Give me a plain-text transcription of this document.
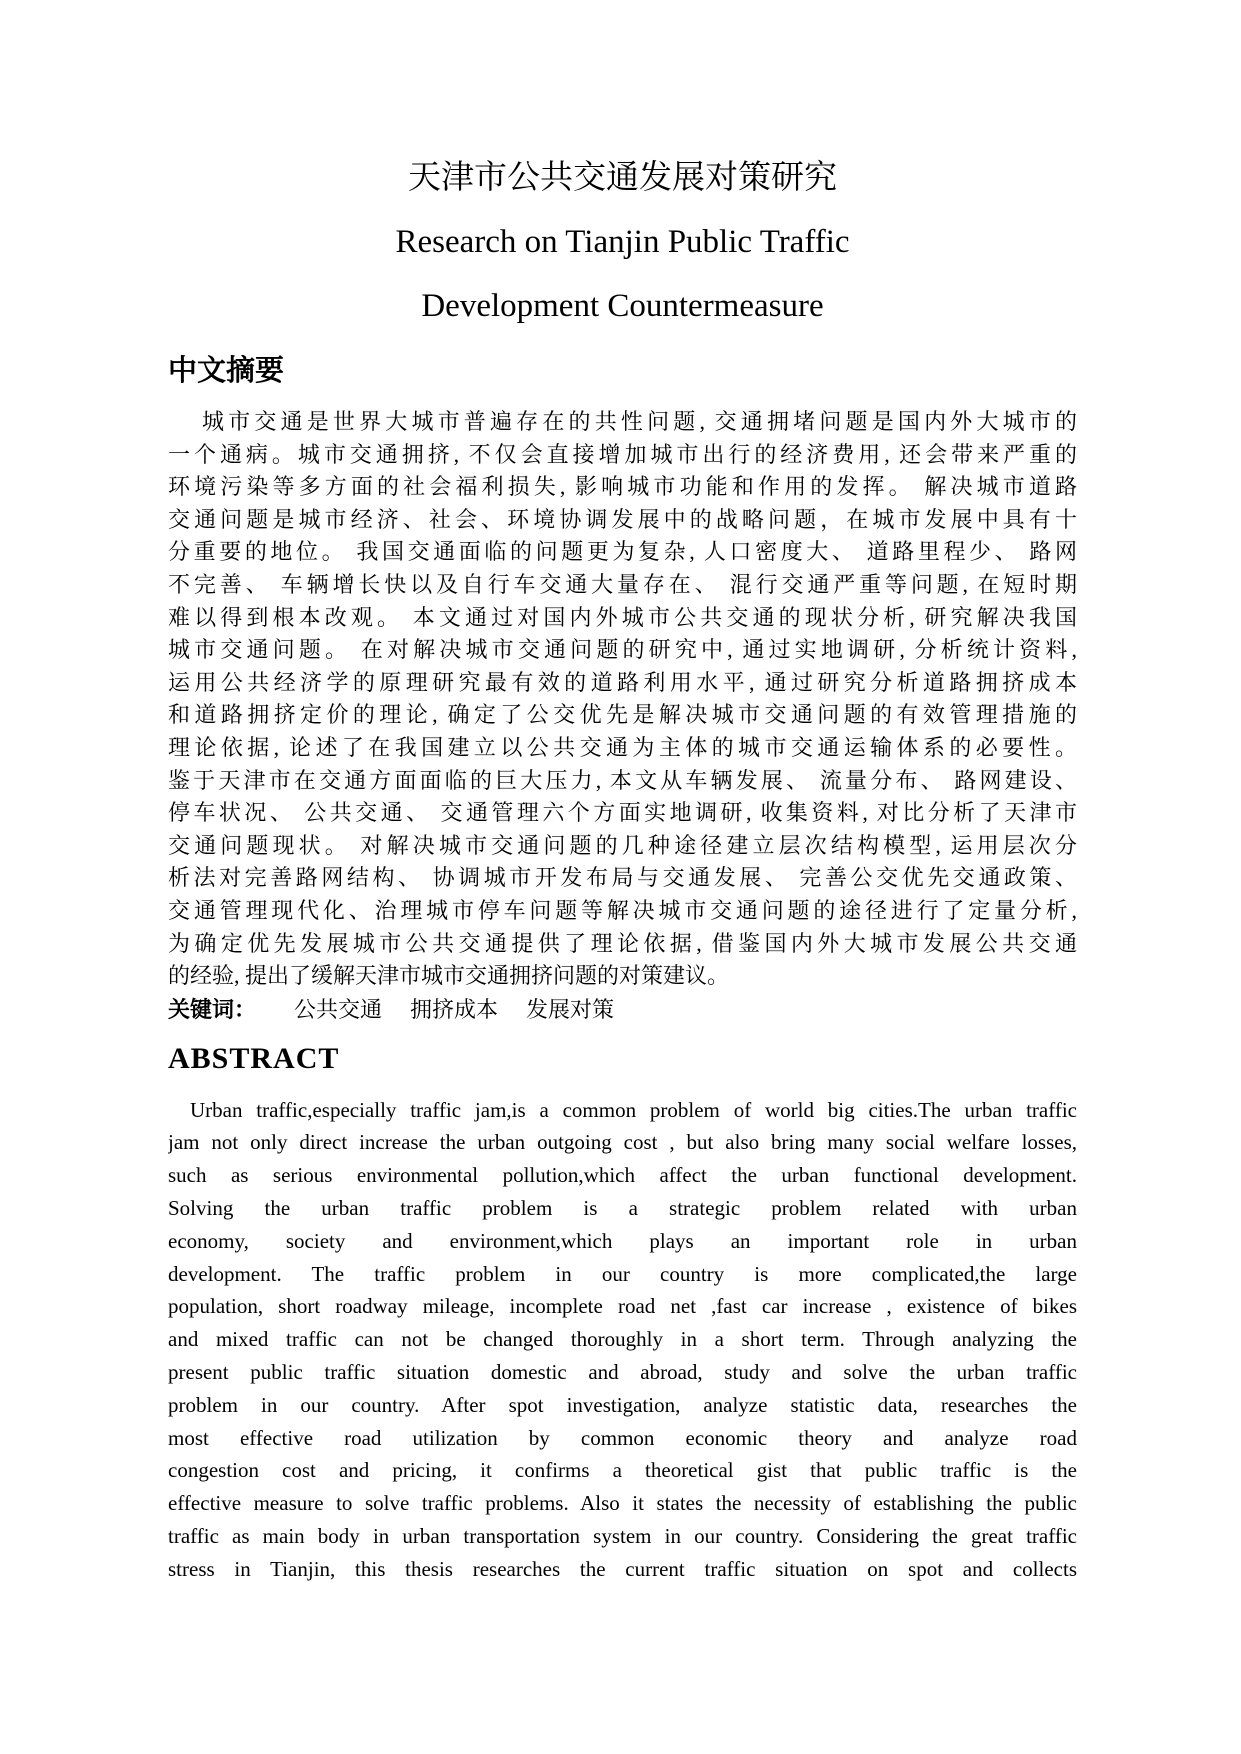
天津市公共交通发展对策研究
Research on Tianjin Public Traffic
Development Countermeasure
中文摘要
城市交通是世界大城市普遍存在的共性问题, 交通拥堵问题是国内外大城市的
一个通病。城市交通拥挤, 不仅会直接增加城市出行的经济费用, 还会带来严重的
环境污染等多方面的社会福利损失, 影响城市功能和作用的发挥。 解决城市道路
交通问题是城市经济、社会、环境协调发展中的战略问题，在城市发展中具有十
分重要的地位。 我国交通面临的问题更为复杂, 人口密度大、 道路里程少、 路网
不完善、 车辆增长快以及自行车交通大量存在、 混行交通严重等问题, 在短时期
难以得到根本改观。 本文通过对国内外城市公共交通的现状分析, 研究解决我国
城市交通问题。 在对解决城市交通问题的研究中, 通过实地调研, 分析统计资料,
运用公共经济学的原理研究最有效的道路利用水平, 通过研究分析道路拥挤成本
和道路拥挤定价的理论, 确定了公交优先是解决城市交通问题的有效管理措施的
理论依据, 论述了在我国建立以公共交通为主体的城市交通运输体系的必要性。
鉴于天津市在交通方面面临的巨大压力, 本文从车辆发展、 流量分布、 路网建设、
停车状况、 公共交通、 交通管理六个方面实地调研, 收集资料, 对比分析了天津市
交通问题现状。 对解决城市交通问题的几种途径建立层次结构模型, 运用层次分
析法对完善路网结构、 协调城市开发布局与交通发展、 完善公交优先交通政策、
交通管理现代化、治理城市停车问题等解决城市交通问题的途径进行了定量分析,
为确定优先发展城市公共交通提供了理论依据, 借鉴国内外大城市发展公共交通
的经验, 提出了缓解天津市城市交通拥挤问题的对策建议。
关键词： 公共交通 拥挤成本 发展对策
ABSTRACT
Urban traffic,especially traffic jam,is a common problem of world big cities.The urban traffic
jam not only direct increase the urban outgoing cost , but also bring many social welfare losses,
such as serious environmental pollution,which affect the urban functional development.
Solving the urban traffic problem is a strategic problem related with urban
economy, society and environment,which plays an important role in urban
development. The traffic problem in our country is more complicated,the large
population, short roadway mileage, incomplete road net ,fast car increase , existence of bikes
and mixed traffic can not be changed thoroughly in a short term. Through analyzing the
present public traffic situation domestic and abroad, study and solve the urban traffic
problem in our country. After spot investigation, analyze statistic data, researches the
most effective road utilization by common economic theory and analyze road
congestion cost and pricing, it confirms a theoretical gist that public traffic is the
effective measure to solve traffic problems. Also it states the necessity of establishing the public
traffic as main body in urban transportation system in our country. Considering the great traffic
stress in Tianjin, this thesis researches the current traffic situation on spot and collects
